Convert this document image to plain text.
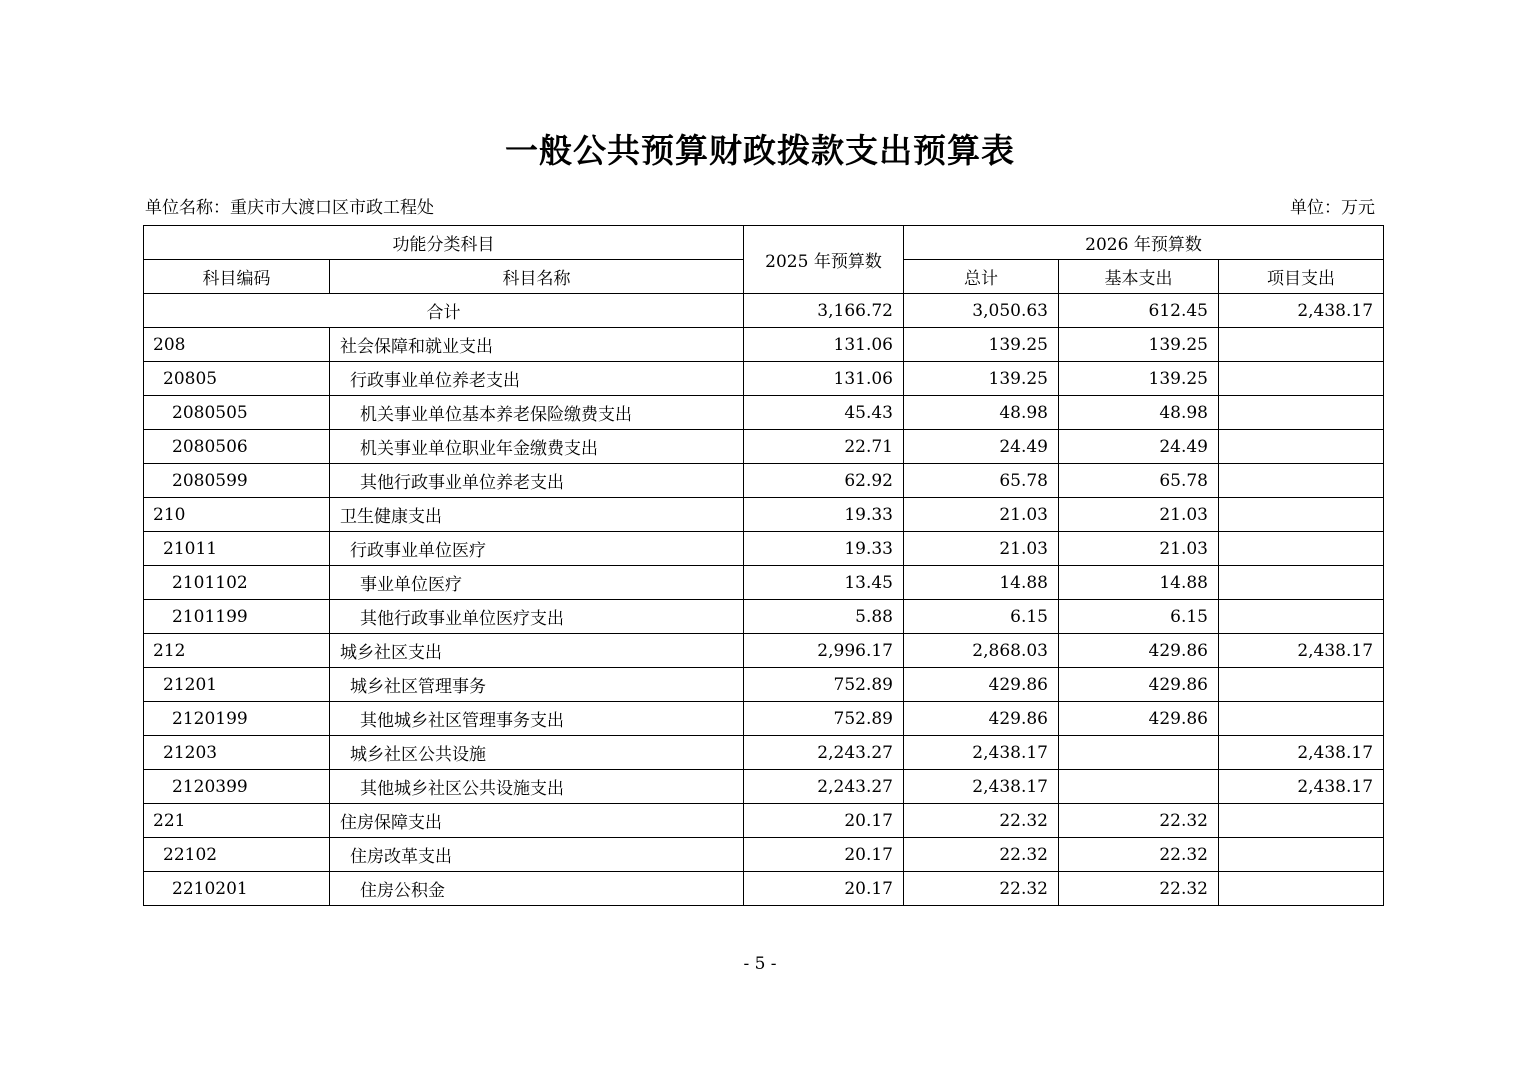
一般公共预算财政拨款支出预算表
单位名称：重庆市大渡口区市政工程处	单位：万元
功能分类科目		2025 年预算数	2026 年预算数		
科目编码	科目名称		总计	基本支出	项目支出
合计		3,166.72	3,050.63	612.45	2,438.17
208	社会保障和就业支出	131.06	139.25	139.25	
20805	行政事业单位养老支出	131.06	139.25	139.25	
2080505	机关事业单位基本养老保险缴费支出	45.43	48.98	48.98	
2080506	机关事业单位职业年金缴费支出	22.71	24.49	24.49	
2080599	其他行政事业单位养老支出	62.92	65.78	65.78	
210	卫生健康支出	19.33	21.03	21.03	
21011	行政事业单位医疗	19.33	21.03	21.03	
2101102	事业单位医疗	13.45	14.88	14.88	
2101199	其他行政事业单位医疗支出	5.88	6.15	6.15	
212	城乡社区支出	2,996.17	2,868.03	429.86	2,438.17
21201	城乡社区管理事务	752.89	429.86	429.86	
2120199	其他城乡社区管理事务支出	752.89	429.86	429.86	
21203	城乡社区公共设施	2,243.27	2,438.17		2,438.17
2120399	其他城乡社区公共设施支出	2,243.27	2,438.17		2,438.17
221	住房保障支出	20.17	22.32	22.32	
22102	住房改革支出	20.17	22.32	22.32	
2210201	住房公积金	20.17	22.32	22.32	
- 5 -
